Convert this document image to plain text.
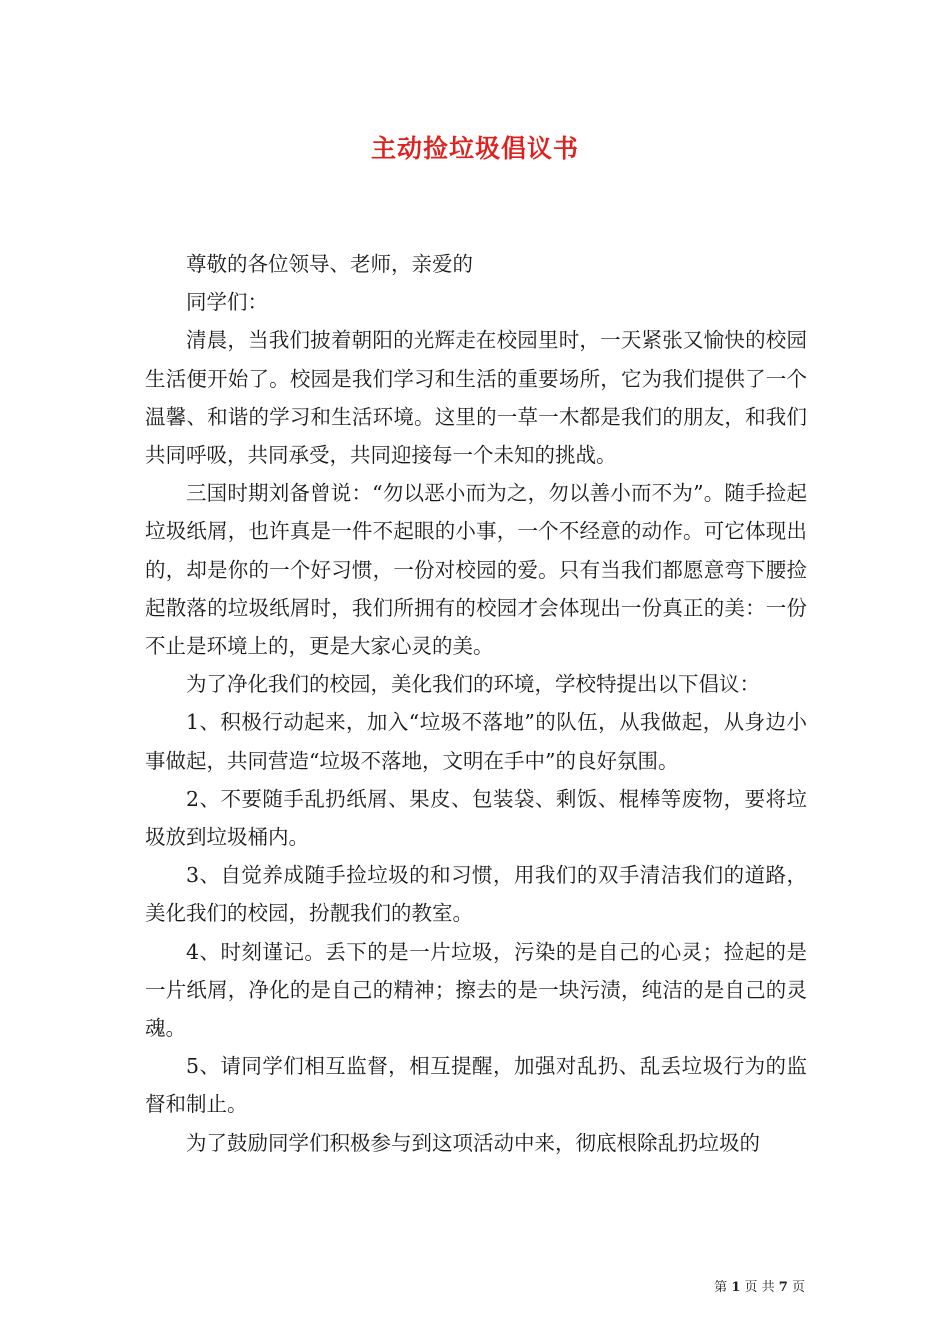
主动捡垃圾倡议书

尊敬的各位领导、老师，亲爱的

同学们：

清晨，当我们披着朝阳的光辉走在校园里时，一天紧张又愉快的校园生活便开始了。校园是我们学习和生活的重要场所，它为我们提供了一个温馨、和谐的学习和生活环境。这里的一草一木都是我们的朋友，和我们共同呼吸，共同承受，共同迎接每一个未知的挑战。

三国时期刘备曾说：“勿以恶小而为之，勿以善小而不为”。随手捡起垃圾纸屑，也许真是一件不起眼的小事，一个不经意的动作。可它体现出的，却是你的一个好习惯，一份对校园的爱。只有当我们都愿意弯下腰捡起散落的垃圾纸屑时，我们所拥有的校园才会体现出一份真正的美：一份不止是环境上的，更是大家心灵的美。

为了净化我们的校园，美化我们的环境，学校特提出以下倡议：

1、积极行动起来，加入“垃圾不落地”的队伍，从我做起，从身边小事做起，共同营造“垃圾不落地，文明在手中”的良好氛围。

2、不要随手乱扔纸屑、果皮、包装袋、剩饭、棍棒等废物，要将垃圾放到垃圾桶内。

3、自觉养成随手捡垃圾的和习惯，用我们的双手清洁我们的道路，美化我们的校园，扮靓我们的教室。

4、时刻谨记。丢下的是一片垃圾，污染的是自己的心灵；捡起的是一片纸屑，净化的是自己的精神；擦去的是一块污渍，纯洁的是自己的灵魂。

5、请同学们相互监督，相互提醒，加强对乱扔、乱丢垃圾行为的监督和制止。

为了鼓励同学们积极参与到这项活动中来，彻底根除乱扔垃圾的

第 1 页 共 7 页
